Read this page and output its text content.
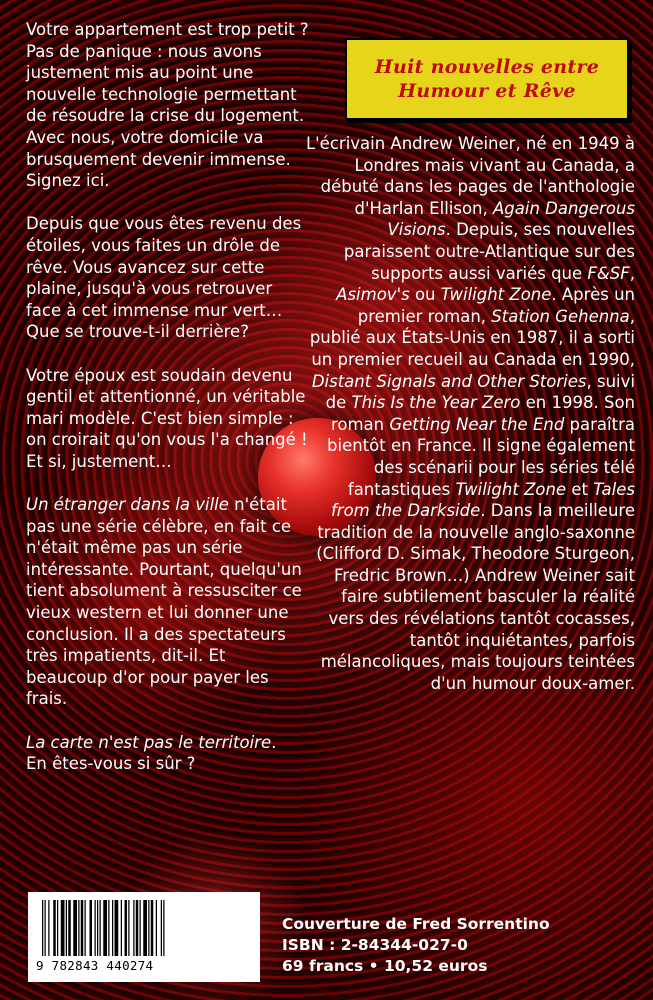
Votre appartement est trop petit ? Pas de panique : nous avons justement mis au point une nouvelle technologie permettant de résoudre la crise du logement. Avec nous, votre domicile va brusquement devenir immense. Signez ici.

Depuis que vous êtes revenu des étoiles, vous faites un drôle de rêve. Vous avancez sur cette plaine, jusqu'à vous retrouver face à cet immense mur vert… Que se trouve-t-il derrière?

Votre époux est soudain devenu gentil et attentionné, un véritable mari modèle. C'est bien simple : on croirait qu'on vous l'a changé ! Et si, justement…

Un étranger dans la ville n'était pas une série célèbre, en fait ce n'était même pas un série intéressante. Pourtant, quelqu'un tient absolument à ressusciter ce vieux western et lui donner une conclusion. Il a des spectateurs très impatients, dit-il. Et beaucoup d'or pour payer les frais.

La carte n'est pas le territoire.
En êtes-vous si sûr ?

Huit nouvelles entre
Humour et Rêve

L'écrivain Andrew Weiner, né en 1949 à Londres mais vivant au Canada, a débuté dans les pages de l'anthologie d'Harlan Ellison, Again Dangerous Visions. Depuis, ses nouvelles paraissent outre-Atlantique sur des supports aussi variés que F&SF, Asimov's ou Twilight Zone. Après un premier roman, Station Gehenna, publié aux États-Unis en 1987, il a sorti un premier recueil au Canada en 1990, Distant Signals and Other Stories, suivi de This Is the Year Zero en 1998. Son roman Getting Near the End paraîtra bientôt en France. Il signe également des scénarii pour les séries télé fantastiques Twilight Zone et Tales from the Darkside. Dans la meilleure tradition de la nouvelle anglo-saxonne (Clifford D. Simak, Theodore Sturgeon, Fredric Brown…) Andrew Weiner sait faire subtilement basculer la réalité vers des révélations tantôt cocasses, tantôt inquiétantes, parfois mélancoliques, mais toujours teintées d'un humour doux-amer.

9 782843 440274
Couverture de Fred Sorrentino
ISBN : 2-84344-027-0
69 francs • 10,52 euros
